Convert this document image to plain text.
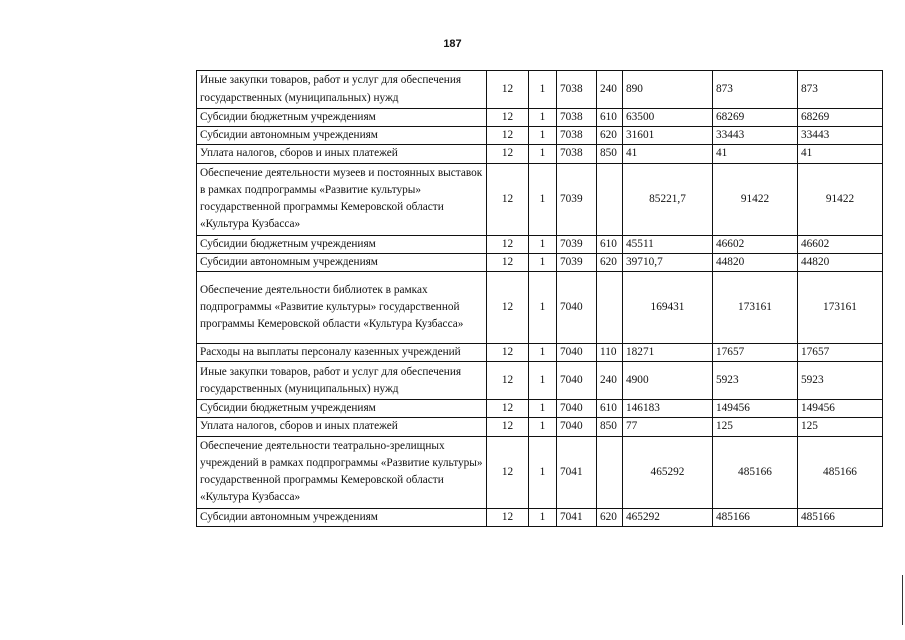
187
Иные закупки товаров, работ и услуг для обеспечения государственных (муниципальных) нужд	12	1	7038	240	890	873	873
Субсидии бюджетным учреждениям	12	1	7038	610	63500	68269	68269
Субсидии автономным учреждениям	12	1	7038	620	31601	33443	33443
Уплата налогов, сборов и иных платежей	12	1	7038	850	41	41	41
Обеспечение деятельности музеев и постоянных выставок в рамках подпрограммы «Развитие культуры» государственной программы Кемеровской области «Культура Кузбасса»	12	1	7039		85221,7	91422	91422
Субсидии бюджетным учреждениям	12	1	7039	610	45511	46602	46602
Субсидии автономным учреждениям	12	1	7039	620	39710,7	44820	44820
Обеспечение деятельности библиотек в рамках подпрограммы «Развитие культуры» государственной программы Кемеровской области «Культура Кузбасса»	12	1	7040		169431	173161	173161
Расходы на выплаты персоналу казенных учреждений	12	1	7040	110	18271	17657	17657
Иные закупки товаров, работ и услуг для обеспечения государственных (муниципальных) нужд	12	1	7040	240	4900	5923	5923
Субсидии бюджетным учреждениям	12	1	7040	610	146183	149456	149456
Уплата налогов, сборов и иных платежей	12	1	7040	850	77	125	125
Обеспечение деятельности театрально-зрелищных учреждений в рамках подпрограммы «Развитие культуры» государственной программы Кемеровской области «Культура Кузбасса»	12	1	7041		465292	485166	485166
Субсидии автономным учреждениям	12	1	7041	620	465292	485166	485166
